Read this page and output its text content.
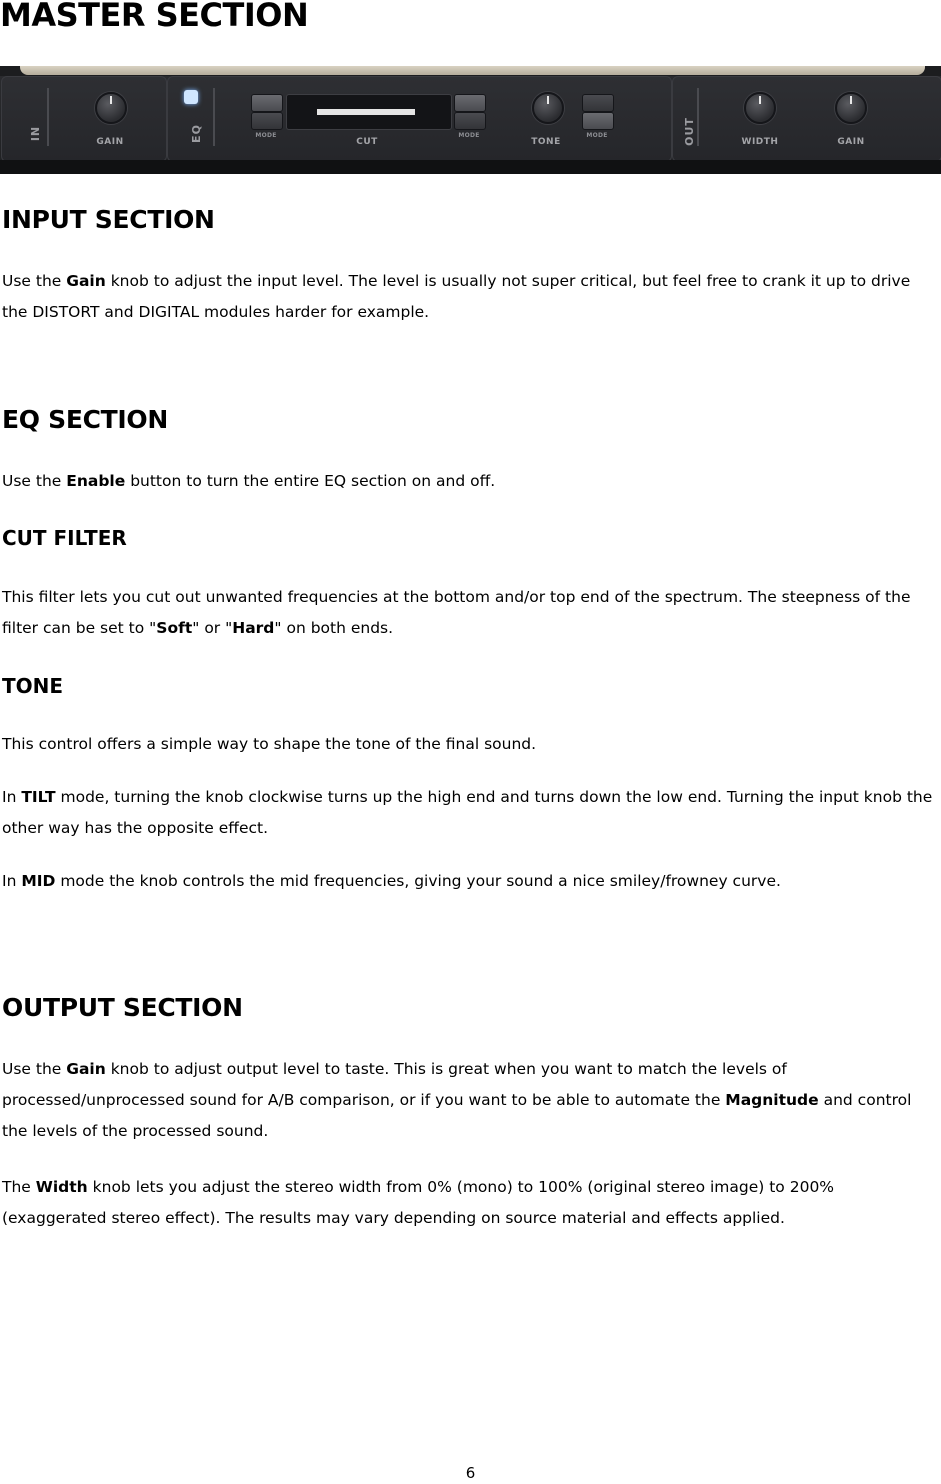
MASTER SECTION
IN
GAIN	EQ	MODE
CUT
MODE
TONE
MODE	OUT	WIDTH	GAIN
INPUT SECTION

Use the Gain knob to adjust the input level. The level is usually not super critical, but feel free to crank it up to drive the DISTORT and DIGITAL modules harder for example.

EQ SECTION

Use the Enable button to turn the entire EQ section on and off.

CUT FILTER

This filter lets you cut out unwanted frequencies at the bottom and/or top end of the spectrum. The steepness of the filter can be set to "Soft" or "Hard" on both ends.

TONE

This control offers a simple way to shape the tone of the final sound.

In TILT mode, turning the knob clockwise turns up the high end and turns down the low end. Turning the input knob the other way has the opposite effect.

In MID mode the knob controls the mid frequencies, giving your sound a nice smiley/frowney curve.

OUTPUT SECTION

Use the Gain knob to adjust output level to taste. This is great when you want to match the levels of processed/unprocessed sound for A/B comparison, or if you want to be able to automate the Magnitude and control the levels of the processed sound.

The Width knob lets you adjust the stereo width from 0% (mono) to 100% (original stereo image) to 200% (exaggerated stereo effect). The results may vary depending on source material and effects applied.

6
